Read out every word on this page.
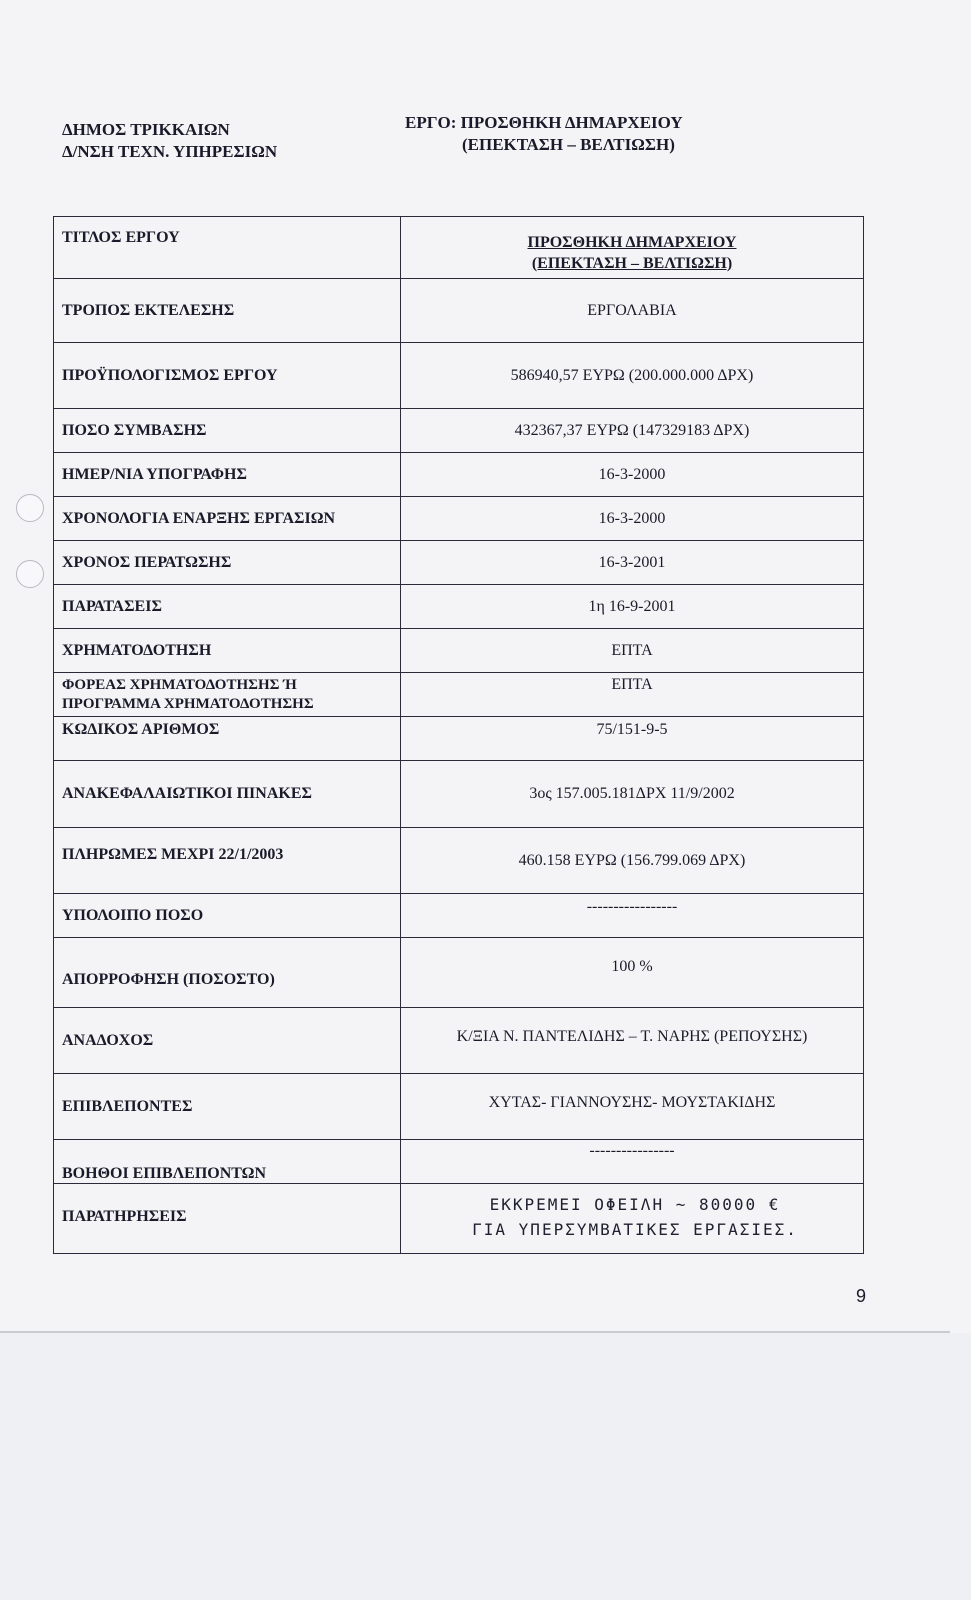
ΔΗΜΟΣ ΤΡΙΚΚΑΙΩΝ
Δ/ΝΣΗ ΤΕΧΝ. ΥΠΗΡΕΣΙΩΝ
ΕΡΓΟ: ΠΡΟΣΘΗΚΗ ΔΗΜΑΡΧΕΙΟΥ
(ΕΠΕΚΤΑΣΗ – ΒΕΛΤΙΩΣΗ)
ΤΙΤΛΟΣ ΕΡΓΟΥ	ΠΡΟΣΘΗΚΗ ΔΗΜΑΡΧΕΙΟΥ
(ΕΠΕΚΤΑΣΗ – ΒΕΛΤΙΩΣΗ)

ΤΡΟΠΟΣ ΕΚΤΕΛΕΣΗΣ	ΕΡΓΟΛΑΒΙΑ
ΠΡΟΫΠΟΛΟΓΙΣΜΟΣ ΕΡΓΟΥ	586940,57 ΕΥΡΩ (200.000.000 ΔΡΧ)
ΠΟΣΟ ΣΥΜΒΑΣΗΣ	432367,37 ΕΥΡΩ (147329183 ΔΡΧ)
ΗΜΕΡ/ΝΙΑ ΥΠΟΓΡΑΦΗΣ	16-3-2000
ΧΡΟΝΟΛΟΓΙΑ ΕΝΑΡΞΗΣ ΕΡΓΑΣΙΩΝ	16-3-2000
ΧΡΟΝΟΣ ΠΕΡΑΤΩΣΗΣ	16-3-2001
ΠΑΡΑΤΑΣΕΙΣ	1η 16-9-2001
ΧΡΗΜΑΤΟΔΟΤΗΣΗ	ΕΠΤΑ
ΦΟΡΕΑΣ ΧΡΗΜΑΤΟΔΟΤΗΣΗΣ Ή ΠΡΟΓΡΑΜΜΑ ΧΡΗΜΑΤΟΔΟΤΗΣΗΣ	ΕΠΤΑ
ΚΩΔΙΚΟΣ ΑΡΙΘΜΟΣ	75/151-9-5
ΑΝΑΚΕΦΑΛΑΙΩΤΙΚΟΙ ΠΙΝΑΚΕΣ	3ος 157.005.181ΔΡΧ 11/9/2002
ΠΛΗΡΩΜΕΣ ΜΕΧΡΙ 22/1/2003	460.158 ΕΥΡΩ (156.799.069 ΔΡΧ)
ΥΠΟΛΟΙΠΟ ΠΟΣΟ	-----------------
ΑΠΟΡΡΟΦΗΣΗ (ΠΟΣΟΣΤΟ)	100 %
ΑΝΑΔΟΧΟΣ	Κ/ΞΙΑ Ν. ΠΑΝΤΕΛΙΔΗΣ – Τ. ΝΑΡΗΣ (ΡΕΠΟΥΣΗΣ)
ΕΠΙΒΛΕΠΟΝΤΕΣ	ΧΥΤΑΣ- ΓΙΑΝΝΟΥΣΗΣ- ΜΟΥΣΤΑΚΙΔΗΣ
ΒΟΗΘΟΙ ΕΠΙΒΛΕΠΟΝΤΩΝ	----------------
ΠΑΡΑΤΗΡΗΣΕΙΣ	ΕΚΚΡΕΜΕΙ ΟΦΕΙΛΗ ~ 80000 €
ΓΙΑ ΥΠΕΡΣΥΜΒΑΤΙΚΕΣ ΕΡΓΑΣΙΕΣ.
9
